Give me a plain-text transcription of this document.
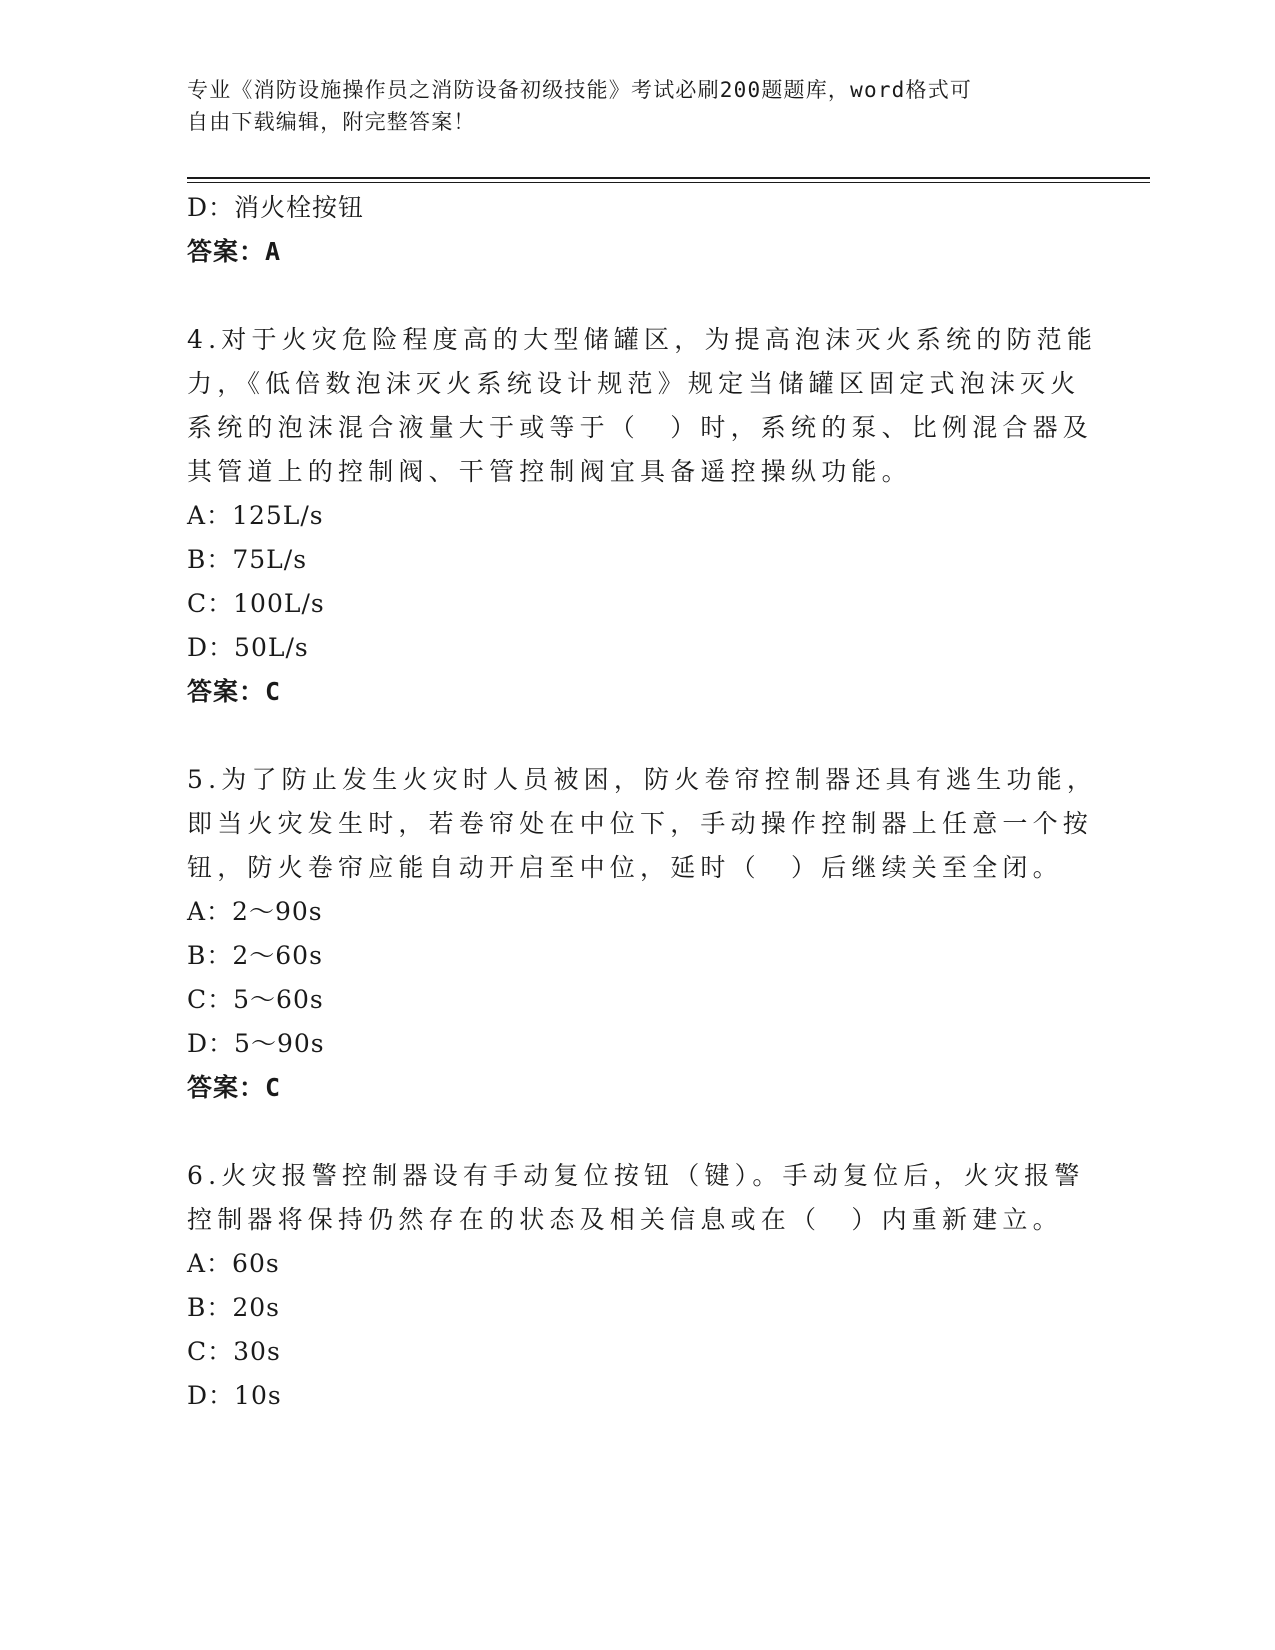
专业《消防设施操作员之消防设备初级技能》考试必刷200题题库，word格式可
自由下载编辑，附完整答案！
D：消火栓按钮
答案：A
4.对于火灾危险程度高的大型储罐区，为提高泡沫灭火系统的防范能
力，《低倍数泡沫灭火系统设计规范》规定当储罐区固定式泡沫灭火
系统的泡沫混合液量大于或等于（　）时，系统的泵、比例混合器及
其管道上的控制阀、干管控制阀宜具备遥控操纵功能。
A：125L/s
B：75L/s
C：100L/s
D：50L/s
答案：C
5.为了防止发生火灾时人员被困，防火卷帘控制器还具有逃生功能，
即当火灾发生时，若卷帘处在中位下，手动操作控制器上任意一个按
钮，防火卷帘应能自动开启至中位，延时（　）后继续关至全闭。
A：2～90s
B：2～60s
C：5～60s
D：5～90s
答案：C
6.火灾报警控制器设有手动复位按钮（键）。手动复位后，火灾报警
控制器将保持仍然存在的状态及相关信息或在（　）内重新建立。
A：60s
B：20s
C：30s
D：10s
